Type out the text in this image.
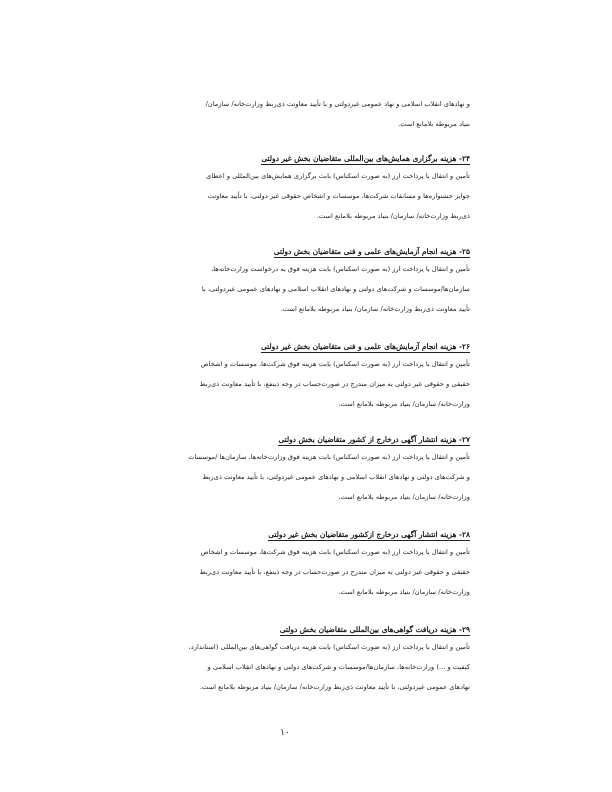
و نهادهای انقلاب اسلامی و نهاد عمومی غیردولتی و با تأیید معاونت ذی‌ربط وزارت‌خانه/ سازمان/
بنیاد مربوطه بلامانع است.
۲۴- هزینه برگزاری همایش‌های بین‌المللی متقاضیان بخش غیر دولتی
تأمین و انتقال یا پرداخت ارز (به صورت اسکناس) بابت برگزاری همایش‌های بین‌المللی و اعطای
جوایز جشنواره‌ها و مسابقات شرکت‌ها، موسسات و اشخاص حقوقی غیر دولتی، با تأیید معاونت
ذی‌ربط وزارت‌خانه/ سازمان/ بنیاد مربوطه بلامانع است.
۲۵- هزینه انجام آزمایش‌های علمی و فنی متقاضیان بخش دولتی
تأمین و انتقال یا پرداخت ارز (به صورت اسکناس) بابت هزینه فوق به درخواست وزارت‌خانه‌ها،
سازمان‌ها/موسسات و شرکت‌های دولتی و نهادهای انقلاب اسلامی و نهادهای عمومی غیردولتی، با
تأیید معاونت ذی‌ربط وزارت‌خانه/ سازمان/ بنیاد مربوطه بلامانع است.
۲۶- هزینه انجام آزمایش‌های علمی و فنی متقاضیان بخش غیر دولتی
تأمین و انتقال یا پرداخت ارز (به صورت اسکناس) بابت هزینه فوق شرکت‌ها، موسسات و اشخاص
حقیقی و حقوقی غیر دولتی به میزان مندرج در صورت‌حساب در وجه ذینفع، با تأیید معاونت ذی‌ربط
وزارت‌خانه/ سازمان/ بنیاد مربوطه بلامانع است.
۲۷- هزینه انتشار آگهی درخارج از کشور متقاضیان بخش دولتی
تأمین و انتقال یا پرداخت ارز (به صورت اسکناس) بابت هزینه فوق وزارت‌خانه‌ها، سازمان‌ها /موسسات
و شرکت‌های دولتی و نهادهای انقلاب اسلامی و نهادهای عمومی غیردولتی، با تأیید معاونت ذی‌ربط
وزارت‌خانه/ سازمان/ بنیاد مربوطه بلامانع است.
۲۸- هزینه انتشار آگهی درخارج ازکشور متقاضیان بخش غیر دولتی
تأمین و انتقال یا پرداخت ارز (به صورت اسکناس) بابت هزینه فوق شرکت‌ها، موسسات و اشخاص
حقیقی و حقوقی غیر دولتی به میزان مندرج در صورت‌حساب در وجه ذینفع، با تأیید معاونت ذی‌ربط
وزارت‌خانه/ سازمان/ بنیاد مربوطه بلامانع است.
۲۹- هزینه دریافت گواهی‌های بین‌المللی متقاضیان بخش دولتی
تأمین و انتقال یا پرداخت ارز (به صورت اسکناس) بابت هزینه دریافت گواهی‌های بین‌المللی (استاندارد،
کیفیت و ...) وزارت‌خانه‌ها، سازمان‌ها/موسسات و شرکت‌های دولتی و نهادهای انقلاب اسلامی و
نهادهای عمومی غیردولتی، با تأیید معاونت ذی‌ربط وزارت‌خانه/ سازمان/ بنیاد مربوطه بلامانع است.
۱۰
